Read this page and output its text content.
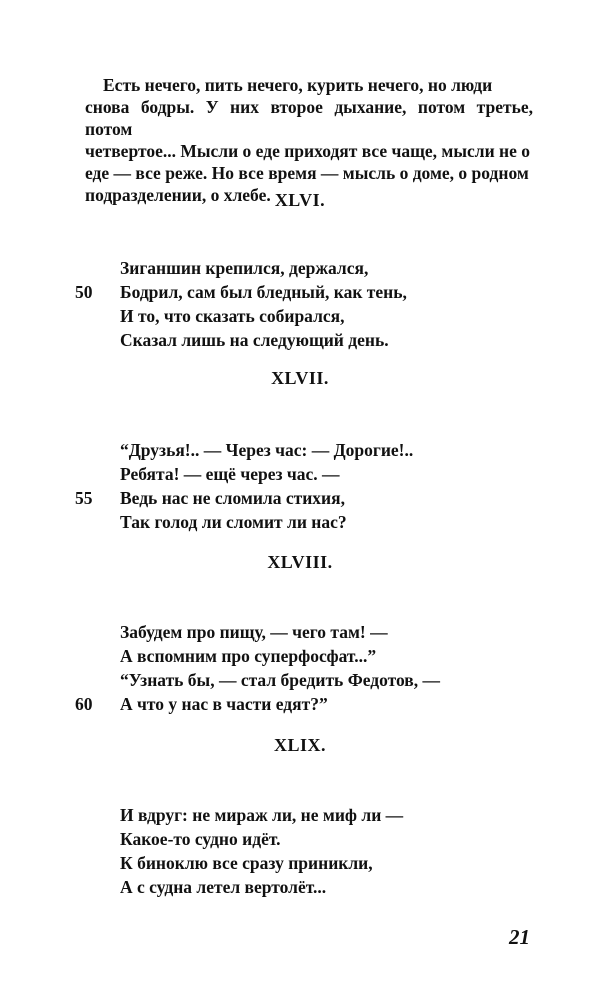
Есть нечего, пить нечего, курить нечего, но люди

снова бодры. У них второе дыхание, потом третье, потом

четвертое... Мысли о еде приходят все чаще, мысли не о

еде — все реже. Но все время — мысль о доме, о родном

подразделении, о хлебе. XLVI.
Зиганшин крепился, держался,
50	Бодрил, сам был бледный, как тень,
И то, что сказать собирался,
Сказал лишь на следующий день.
XLVII.
“Друзья!.. — Через час: — Дорогие!..
Ребята! — ещё через час. —
55	Ведь нас не сломила стихия,
Так голод ли сломит ли нас?
XLVIII.
Забудем про пищу, — чего там! —
А вспомним про суперфосфат...”
“Узнать бы, — стал бредить Федотов, —
60	А что у нас в части едят?”
XLIX.
И вдруг: не мираж ли, не миф ли —
Какое-то судно идёт.
К биноклю все сразу приникли,
А с судна летел вертолёт...
21
